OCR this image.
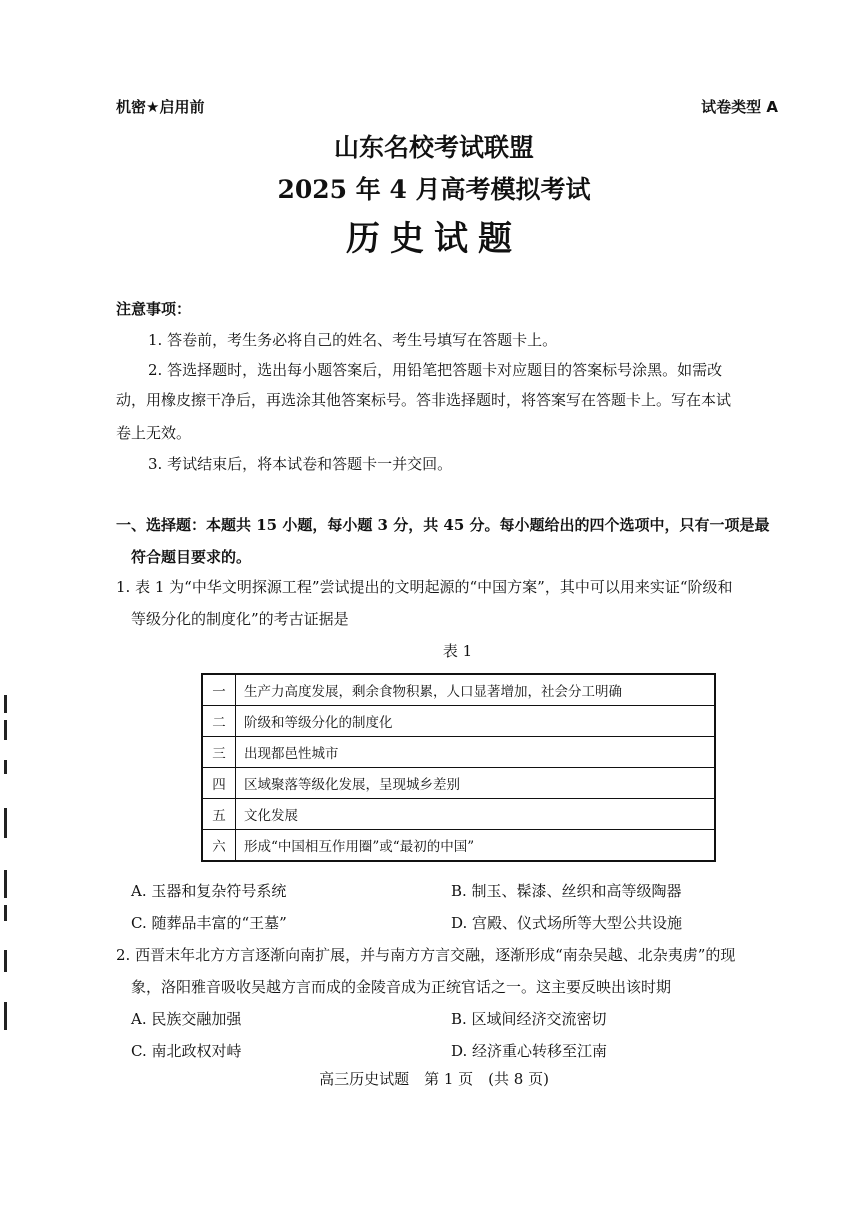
机密★启用前	试卷类型 A
山东名校考试联盟
2025 年 4 月高考模拟考试
历史试题
注意事项：
1. 答卷前，考生务必将自己的姓名、考生号填写在答题卡上。
2. 答选择题时，选出每小题答案后，用铅笔把答题卡对应题目的答案标号涂黑。如需改
动，用橡皮擦干净后，再选涂其他答案标号。答非选择题时，将答案写在答题卡上。写在本试
卷上无效。
3. 考试结束后，将本试卷和答题卡一并交回。
一、选择题：本题共 15 小题，每小题 3 分，共 45 分。每小题给出的四个选项中，只有一项是最
符合题目要求的。
1. 表 1 为“中华文明探源工程”尝试提出的文明起源的“中国方案”，其中可以用来实证“阶级和
等级分化的制度化”的考古证据是
表 1
一	生产力高度发展，剩余食物积累，人口显著增加，社会分工明确
二	阶级和等级分化的制度化
三	出现都邑性城市
四	区域聚落等级化发展，呈现城乡差别
五	文化发展
六	形成“中国相互作用圈”或“最初的中国”
A. 玉器和复杂符号系统	B. 制玉、髹漆、丝织和高等级陶器
C. 随葬品丰富的“王墓”	D. 宫殿、仪式场所等大型公共设施
2. 西晋末年北方方言逐渐向南扩展，并与南方方言交融，逐渐形成“南杂吴越、北杂夷虏”的现
象，洛阳雅音吸收吴越方言而成的金陵音成为正统官话之一。这主要反映出该时期
A. 民族交融加强	B. 区域间经济交流密切
C. 南北政权对峙	D. 经济重心转移至江南
高三历史试题　第 1 页　(共 8 页)
